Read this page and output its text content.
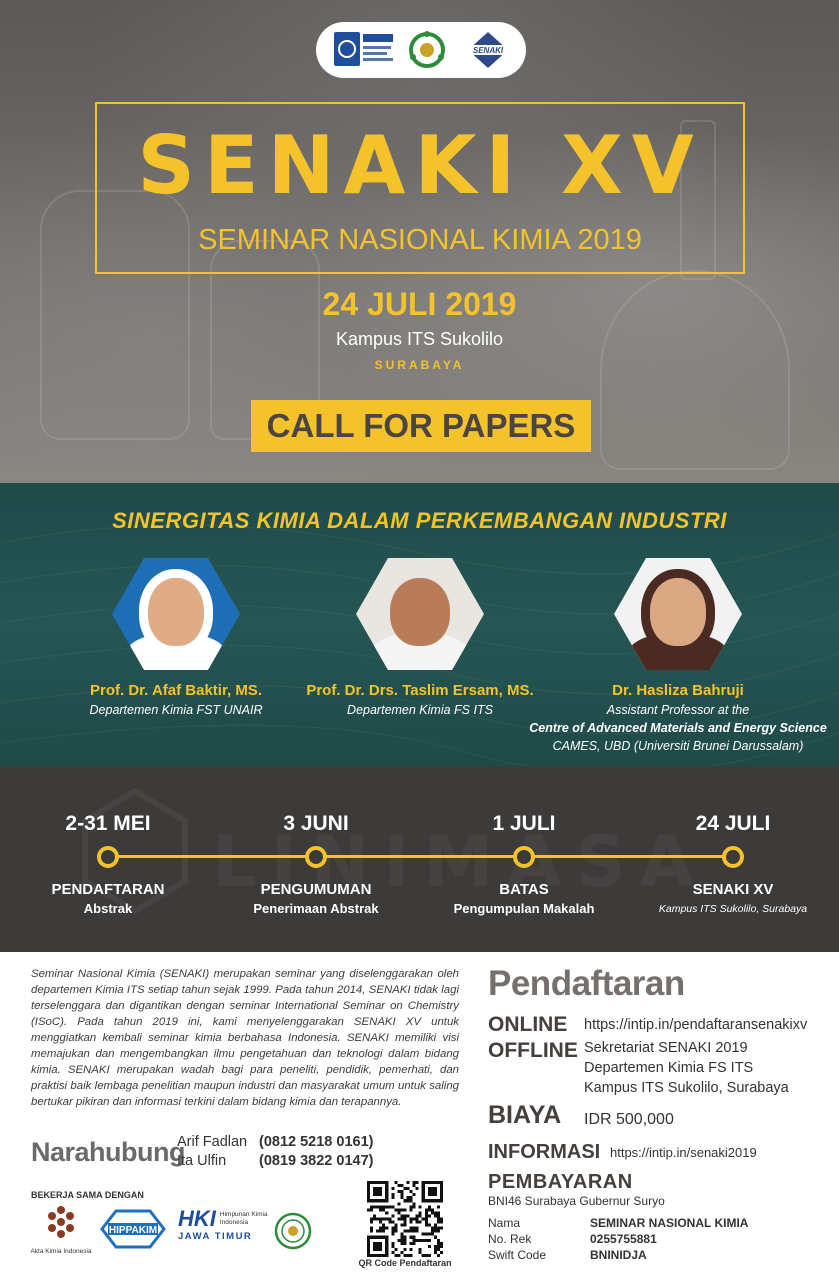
SENAKI
SENAKI XV
SEMINAR NASIONAL KIMIA 2019
24 JULI 2019
Kampus ITS Sukolilo
SURABAYA
CALL FOR PAPERS
SINERGITAS KIMIA DALAM PERKEMBANGAN INDUSTRI
Prof. Dr. Afaf Baktir, MS.
Departemen Kimia FST UNAIR
Prof. Dr. Drs. Taslim Ersam, MS.
Departemen Kimia FS ITS
Dr. Hasliza Bahruji
Assistant Professor at the
Centre of Advanced Materials and Energy Science
CAMES, UBD (Universiti Brunei Darussalam)
2-31 MEI
PENDAFTARAN
Abstrak
3 JUNI
PENGUMUMAN
Penerimaan Abstrak
1 JULI
BATAS
Pengumpulan Makalah
24 JULI
SENAKI XV
Kampus ITS Sukolilo, Surabaya
Seminar Nasional Kimia (SENAKI) merupakan seminar yang diselenggarakan oleh departemen Kimia ITS setiap tahun sejak 1999. Pada tahun 2014, SENAKI tidak lagi terselenggara dan digantikan dengan seminar International Seminar on Chemistry (ISoC). Pada tahun 2019 ini, kami menyelenggarakan SENAKI XV untuk menggiatkan kembali seminar kimia berbahasa Indonesia. SENAKI memiliki visi memajukan dan mengembangkan ilmu pengetahuan dan teknologi dalam bidang kimia. SENAKI merupakan wadah bagi para peneliti, pendidik, pemerhati, dan praktisi baik lembaga penelitian maupun industri dan masyarakat umum untuk saling bertukar pikiran dan informasi terkini dalam bidang kimia dan terapannya.
Narahubung
Arif Fadlan (0812 5218 0161)
Ita Ulfin (0819 3822 0147)
BEKERJA SAMA DENGAN
Akta Kimia Indonesia
HIPPAKIM HKI Himpunan Kimia Indonesia
JAWA TIMUR
QR Code Pendaftaran
Pendaftaran
ONLINE https://intip.in/pendaftaransenakixv
OFFLINE Sekretariat SENAKI 2019
Departemen Kimia FS ITS
Kampus ITS Sukolilo, Surabaya
BIAYA IDR 500,000
INFORMASI https://intip.in/senaki2019
PEMBAYARAN
BNI46 Surabaya Gubernur Suryo
Nama	SEMINAR NASIONAL KIMIA
No. Rek	0255755881
Swift Code	BNINIDJA
